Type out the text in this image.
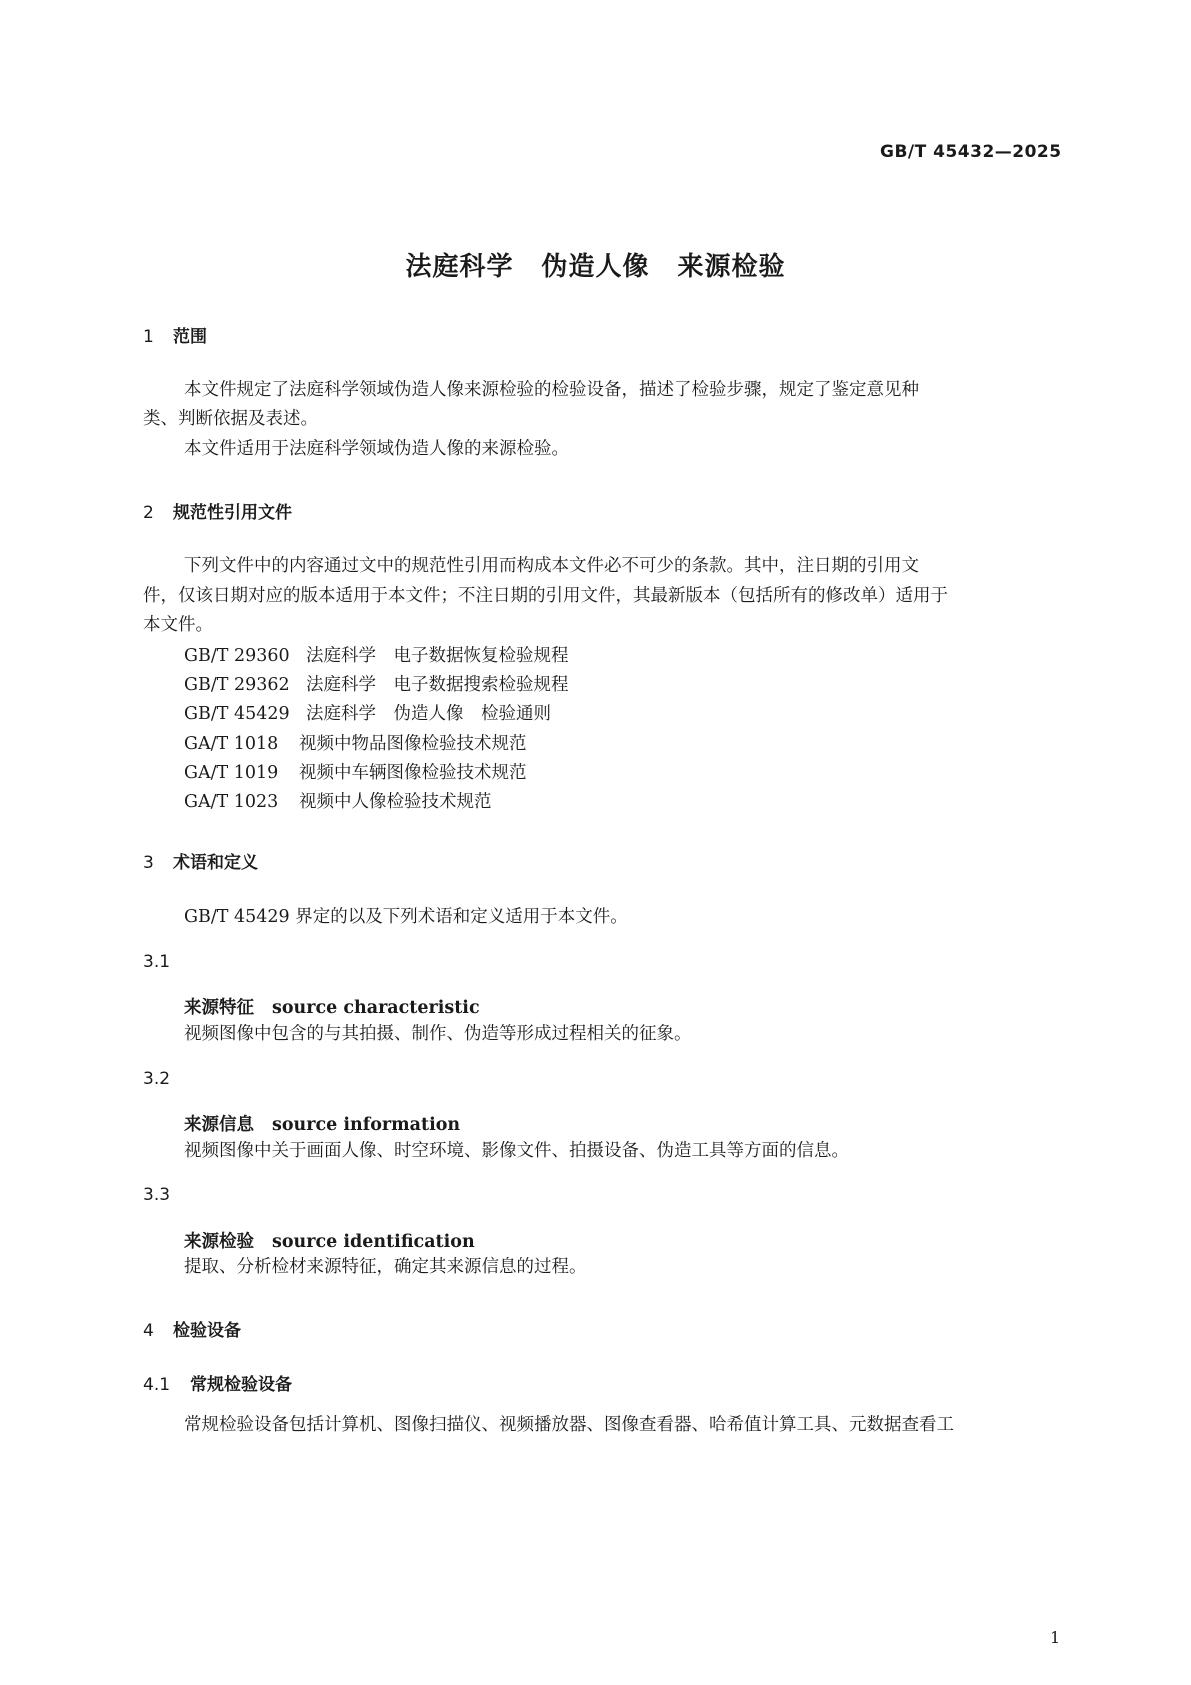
GB/T 45432—2025
法庭科学 伪造人像 来源检验
1 范围
本文件规定了法庭科学领域伪造人像来源检验的检验设备，描述了检验步骤，规定了鉴定意见种
类、判断依据及表述。
本文件适用于法庭科学领域伪造人像的来源检验。
2 规范性引用文件
下列文件中的内容通过文中的规范性引用而构成本文件必不可少的条款。其中，注日期的引用文
件，仅该日期对应的版本适用于本文件；不注日期的引用文件，其最新版本（包括所有的修改单）适用于
本文件。
GB/T 29360 法庭科学　电子数据恢复检验规程
GB/T 29362 法庭科学　电子数据搜索检验规程
GB/T 45429 法庭科学　伪造人像　检验通则
GA/T 1018 视频中物品图像检验技术规范
GA/T 1019 视频中车辆图像检验技术规范
GA/T 1023 视频中人像检验技术规范
3 术语和定义
GB/T 45429 界定的以及下列术语和定义适用于本文件。
3.1
来源特征 source characteristic
视频图像中包含的与其拍摄、制作、伪造等形成过程相关的征象。
3.2
来源信息 source information
视频图像中关于画面人像、时空环境、影像文件、拍摄设备、伪造工具等方面的信息。
3.3
来源检验 source identification
提取、分析检材来源特征，确定其来源信息的过程。
4 检验设备
4.1 常规检验设备
常规检验设备包括计算机、图像扫描仪、视频播放器、图像查看器、哈希值计算工具、元数据查看工
1
